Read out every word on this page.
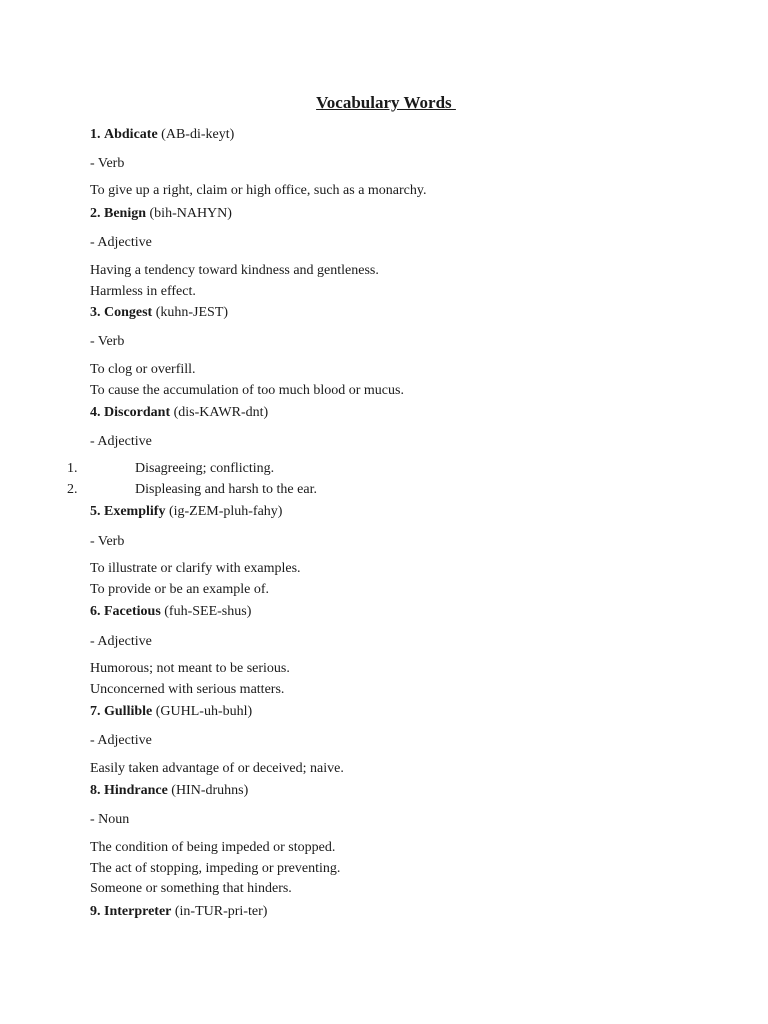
Vocabulary Words
1. Abdicate (AB-di-keyt)
- Verb
To give up a right, claim or high office, such as a monarchy.
2. Benign (bih-NAHYN)
- Adjective
Having a tendency toward kindness and gentleness.
Harmless in effect.
3. Congest (kuhn-JEST)
- Verb
To clog or overfill.
To cause the accumulation of too much blood or mucus.
4. Discordant (dis-KAWR-dnt)
- Adjective
1.	Disagreeing; conflicting.
2.	Displeasing and harsh to the ear.
5. Exemplify (ig-ZEM-pluh-fahy)
- Verb
To illustrate or clarify with examples.
To provide or be an example of.
6. Facetious (fuh-SEE-shus)
- Adjective
Humorous; not meant to be serious.
Unconcerned with serious matters.
7. Gullible (GUHL-uh-buhl)
- Adjective
Easily taken advantage of or deceived; naive.
8. Hindrance (HIN-druhns)
- Noun
The condition of being impeded or stopped.
The act of stopping, impeding or preventing.
Someone or something that hinders.
9. Interpreter (in-TUR-pri-ter)
